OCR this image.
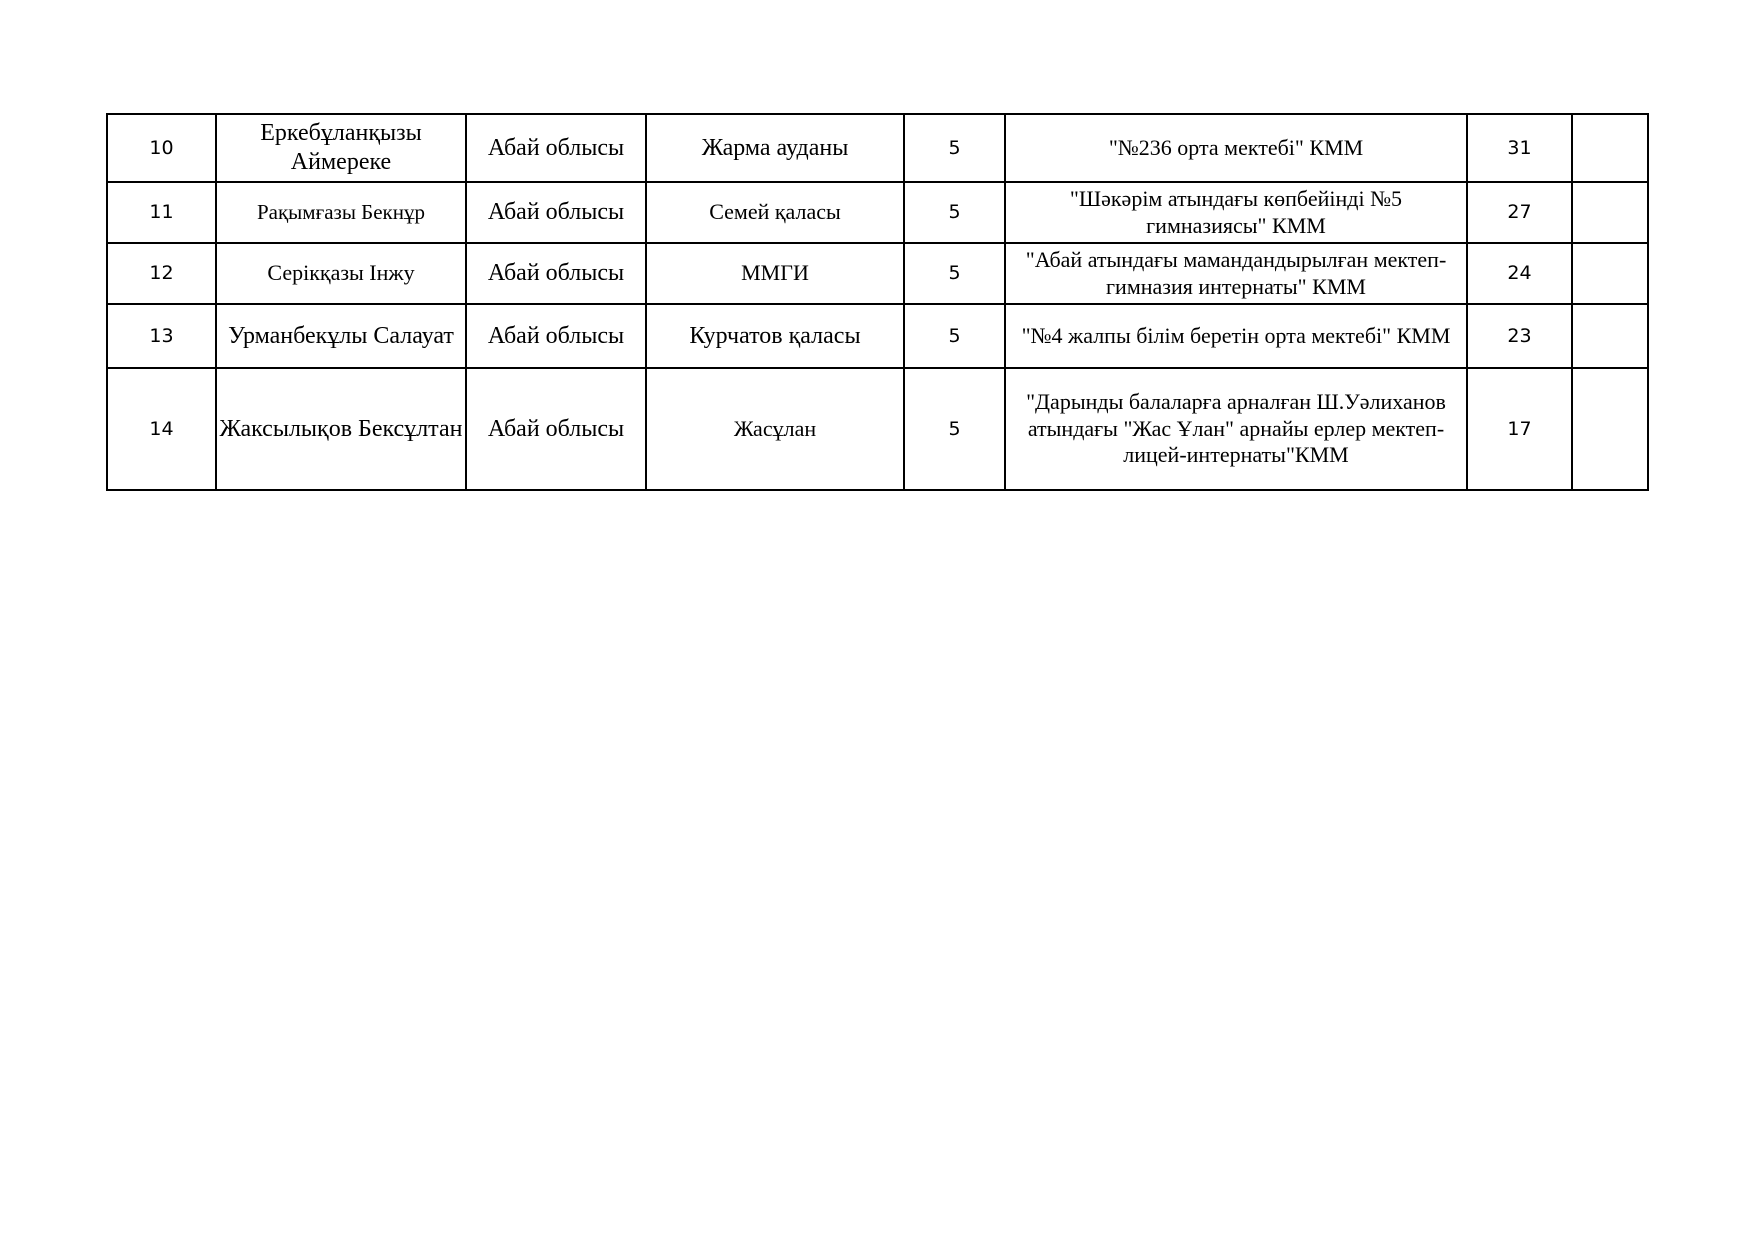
10	Еркебұланқызы Аймереке	Абай облысы	Жарма ауданы	5	"№236 орта мектебі" КММ	31	
11	Рақымғазы Бекнұр	Абай облысы	Семей қаласы	5	"Шәкәрім атындағы көпбейінді №5 гимназиясы" КММ	27	
12	Серікқазы Інжу	Абай облысы	ММГИ	5	"Абай атындағы мамандандырылған мектеп-гимназия интернаты" КММ	24	
13	Урманбекұлы Салауат	Абай облысы	Курчатов қаласы	5	"№4 жалпы білім беретін орта мектебі" КММ	23	
14	Жаксылықов Бексұлтан	Абай облысы	Жасұлан	5	"Дарынды балаларға арналған Ш.Уәлиханов атындағы "Жас Ұлан" арнайы ерлер мектеп-лицей-интернаты"КММ	17	
